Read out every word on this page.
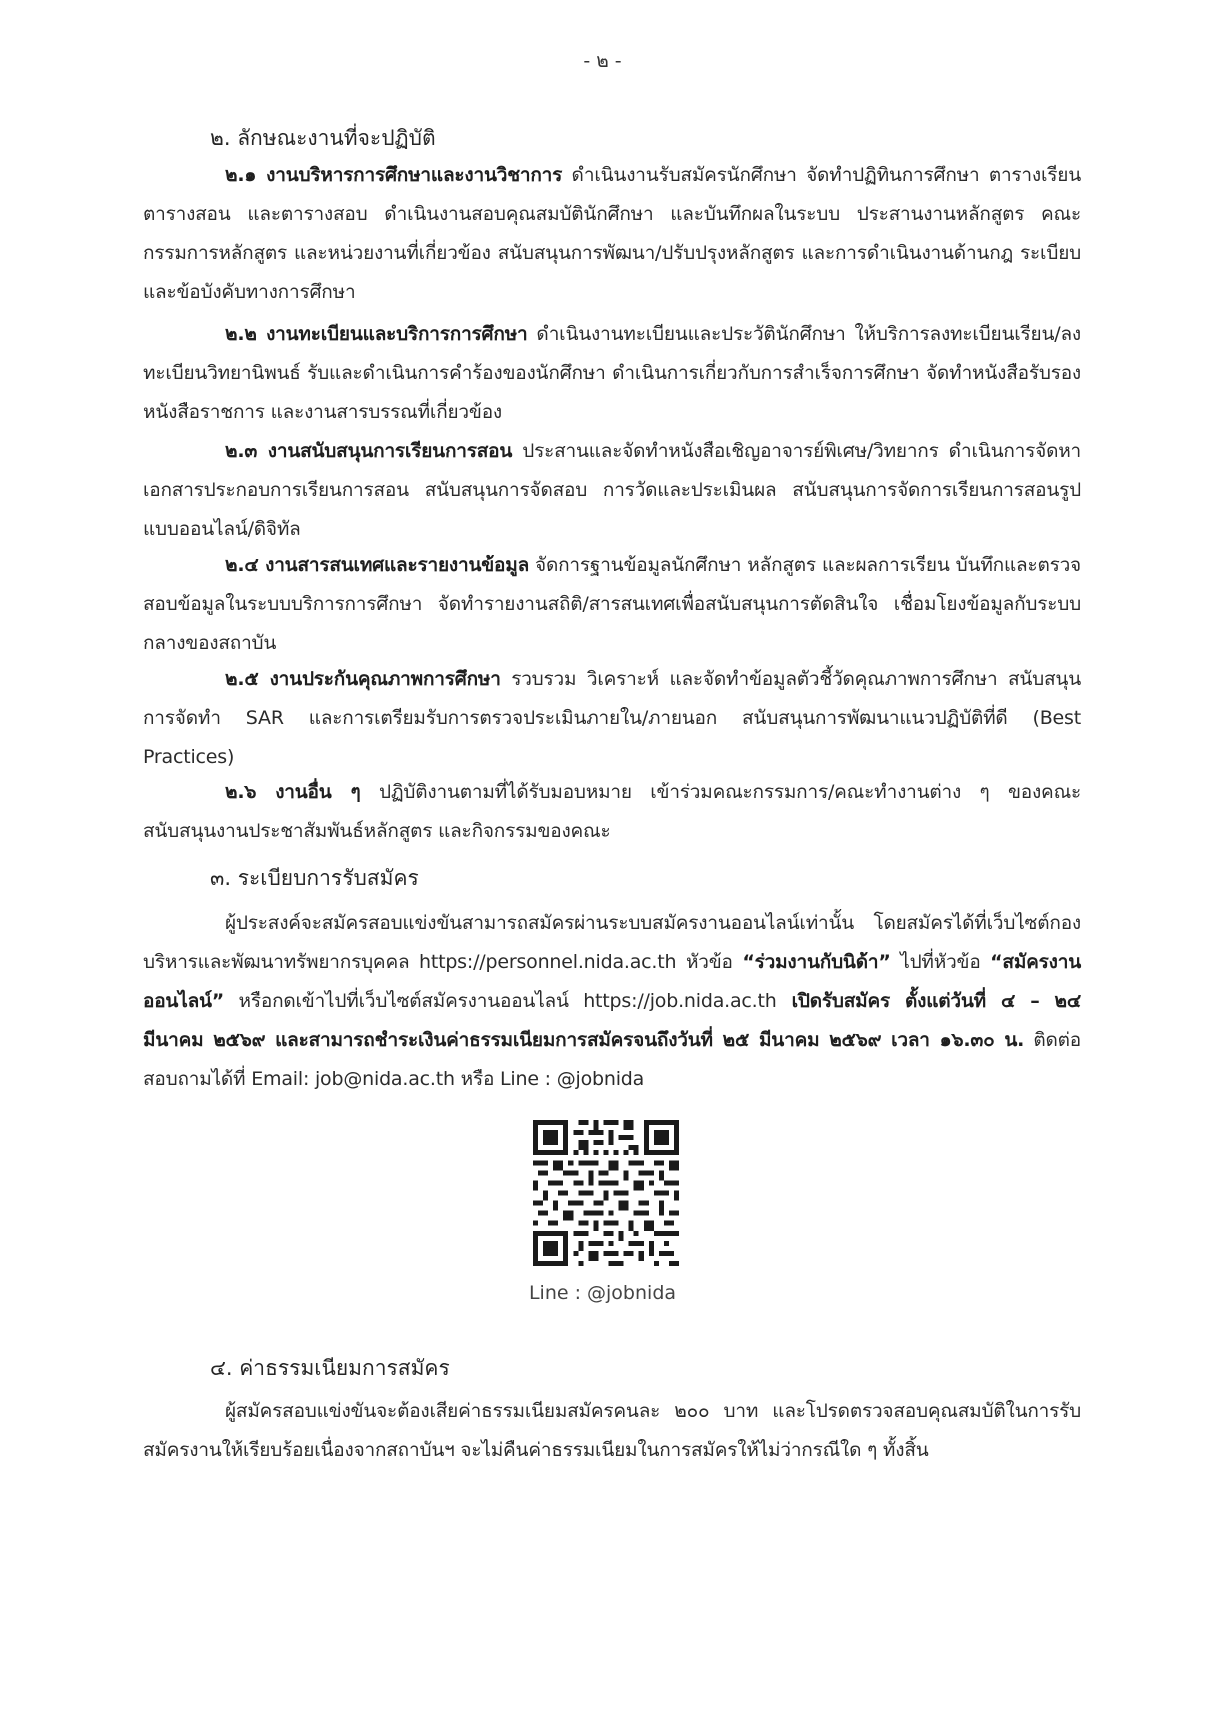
- ๒ -
๒. ลักษณะงานที่จะปฏิบัติ
๒.๑ งานบริหารการศึกษาและงานวิชาการ ดำเนินงานรับสมัครนักศึกษา จัดทำปฏิทินการศึกษา ตารางเรียน ตารางสอน และตารางสอบ ดำเนินงานสอบคุณสมบัตินักศึกษา และบันทึกผลในระบบ ประสานงานหลักสูตร คณะกรรมการหลักสูตร และหน่วยงานที่เกี่ยวข้อง สนับสนุนการพัฒนา/ปรับปรุงหลักสูตร และการดำเนินงานด้านกฎ ระเบียบ และข้อบังคับทางการศึกษา
๒.๒ งานทะเบียนและบริการการศึกษา ดำเนินงานทะเบียนและประวัตินักศึกษา ให้บริการลงทะเบียนเรียน/ลงทะเบียนวิทยานิพนธ์ รับและดำเนินการคำร้องของนักศึกษา ดำเนินการเกี่ยวกับการสำเร็จการศึกษา จัดทำหนังสือรับรอง หนังสือราชการ และงานสารบรรณที่เกี่ยวข้อง
๒.๓ งานสนับสนุนการเรียนการสอน ประสานและจัดทำหนังสือเชิญอาจารย์พิเศษ/วิทยากร ดำเนินการจัดหาเอกสารประกอบการเรียนการสอน สนับสนุนการจัดสอบ การวัดและประเมินผล สนับสนุนการจัดการเรียนการสอนรูปแบบออนไลน์/ดิจิทัล
๒.๔ งานสารสนเทศและรายงานข้อมูล จัดการฐานข้อมูลนักศึกษา หลักสูตร และผลการเรียน บันทึกและตรวจสอบข้อมูลในระบบบริการการศึกษา จัดทำรายงานสถิติ/สารสนเทศเพื่อสนับสนุนการตัดสินใจ เชื่อมโยงข้อมูลกับระบบกลางของสถาบัน
๒.๕ งานประกันคุณภาพการศึกษา รวบรวม วิเคราะห์ และจัดทำข้อมูลตัวชี้วัดคุณภาพการศึกษา สนับสนุนการจัดทำ SAR และการเตรียมรับการตรวจประเมินภายใน/ภายนอก สนับสนุนการพัฒนาแนวปฏิบัติที่ดี (Best Practices)
๒.๖ งานอื่น ๆ ปฏิบัติงานตามที่ได้รับมอบหมาย เข้าร่วมคณะกรรมการ/คณะทำงานต่าง ๆ ของคณะ สนับสนุนงานประชาสัมพันธ์หลักสูตร และกิจกรรมของคณะ
๓. ระเบียบการรับสมัคร
ผู้ประสงค์จะสมัครสอบแข่งขันสามารถสมัครผ่านระบบสมัครงานออนไลน์เท่านั้น โดยสมัครได้ที่เว็บไซต์กองบริหารและพัฒนาทรัพยากรบุคคล https://personnel.nida.ac.th หัวข้อ “ร่วมงานกับนิด้า” ไปที่หัวข้อ “สมัครงานออนไลน์” หรือกดเข้าไปที่เว็บไซต์สมัครงานออนไลน์ https://job.nida.ac.th เปิดรับสมัคร ตั้งแต่วันที่ ๔ – ๒๔ มีนาคม ๒๕๖๙ และสามารถชำระเงินค่าธรรมเนียมการสมัครจนถึงวันที่ ๒๕ มีนาคม ๒๕๖๙ เวลา ๑๖.๓๐ น. ติดต่อสอบถามได้ที่ Email: job@nida.ac.th หรือ Line : @jobnida
Line : @jobnida
๔. ค่าธรรมเนียมการสมัคร
ผู้สมัครสอบแข่งขันจะต้องเสียค่าธรรมเนียมสมัครคนละ ๒๐๐ บาท และโปรดตรวจสอบคุณสมบัติในการรับสมัครงานให้เรียบร้อยเนื่องจากสถาบันฯ จะไม่คืนค่าธรรมเนียมในการสมัครให้ไม่ว่ากรณีใด ๆ ทั้งสิ้น
